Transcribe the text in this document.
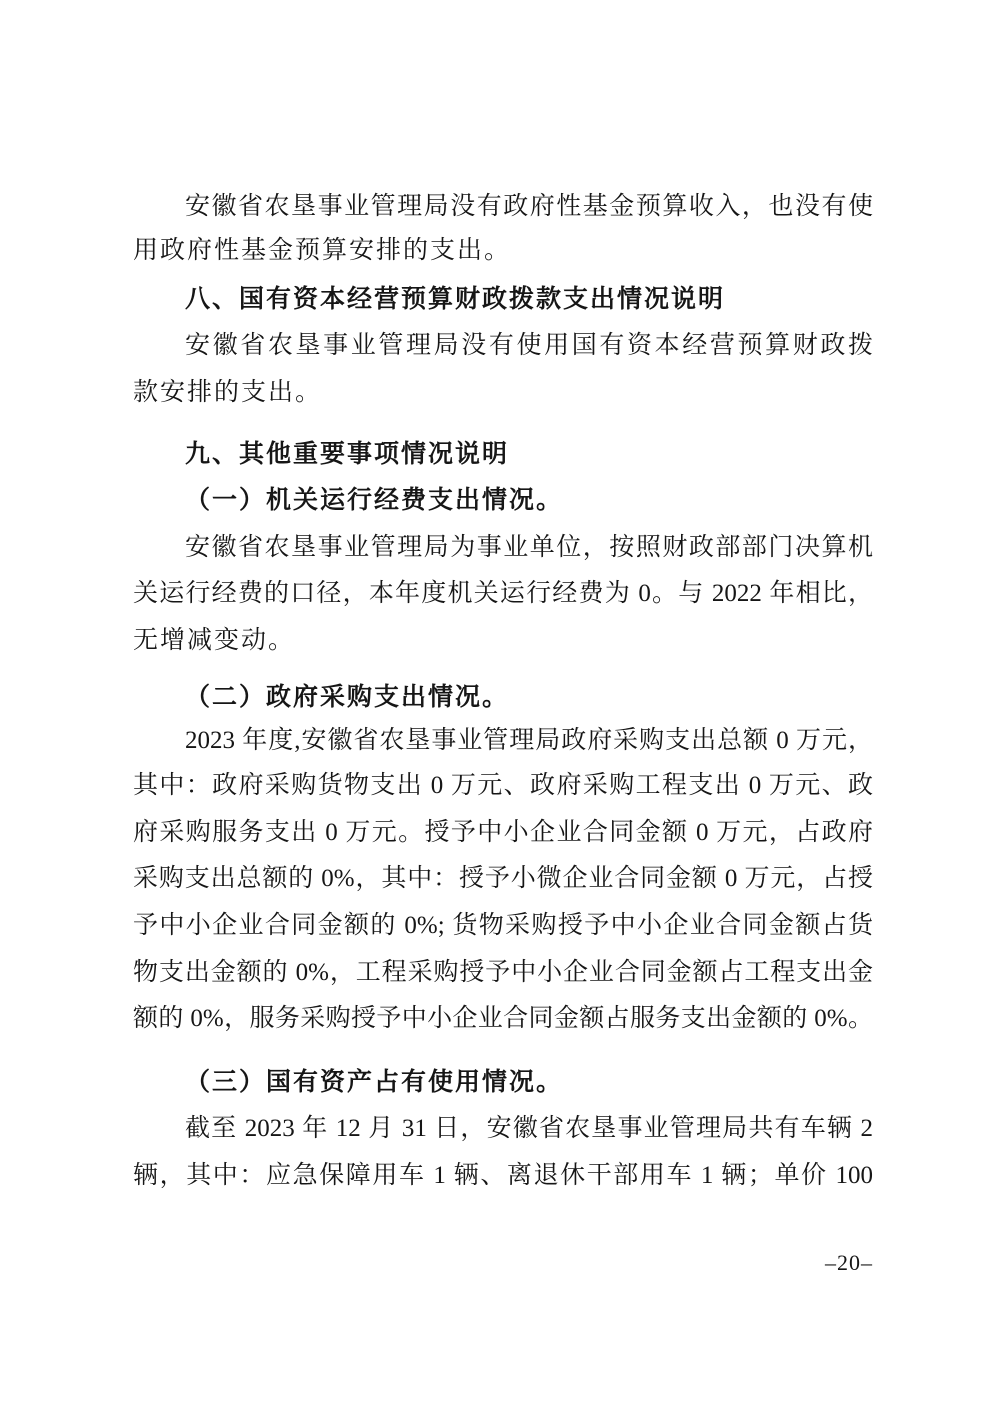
安徽省农垦事业管理局没有政府性基金预算收入，也没有使
用政府性基金预算安排的支出。
八、国有资本经营预算财政拨款支出情况说明
安徽省农垦事业管理局没有使用国有资本经营预算财政拨
款安排的支出。
九、其他重要事项情况说明
（一）机关运行经费支出情况。
安徽省农垦事业管理局为事业单位，按照财政部部门决算机
关运行经费的口径，本年度机关运行经费为 0。与 2022 年相比，
无增减变动。
（二）政府采购支出情况。
2023 年度,安徽省农垦事业管理局政府采购支出总额 0 万元，
其中：政府采购货物支出 0 万元、政府采购工程支出 0 万元、政
府采购服务支出 0 万元。授予中小企业合同金额 0 万元，占政府
采购支出总额的 0%，其中：授予小微企业合同金额 0 万元，占授
予中小企业合同金额的 0%; 货物采购授予中小企业合同金额占货
物支出金额的 0%，工程采购授予中小企业合同金额占工程支出金
额的 0%，服务采购授予中小企业合同金额占服务支出金额的 0%。
（三）国有资产占有使用情况。
截至 2023 年 12 月 31 日，安徽省农垦事业管理局共有车辆 2
辆，其中：应急保障用车 1 辆、离退休干部用车 1 辆；单价 100
–20–
